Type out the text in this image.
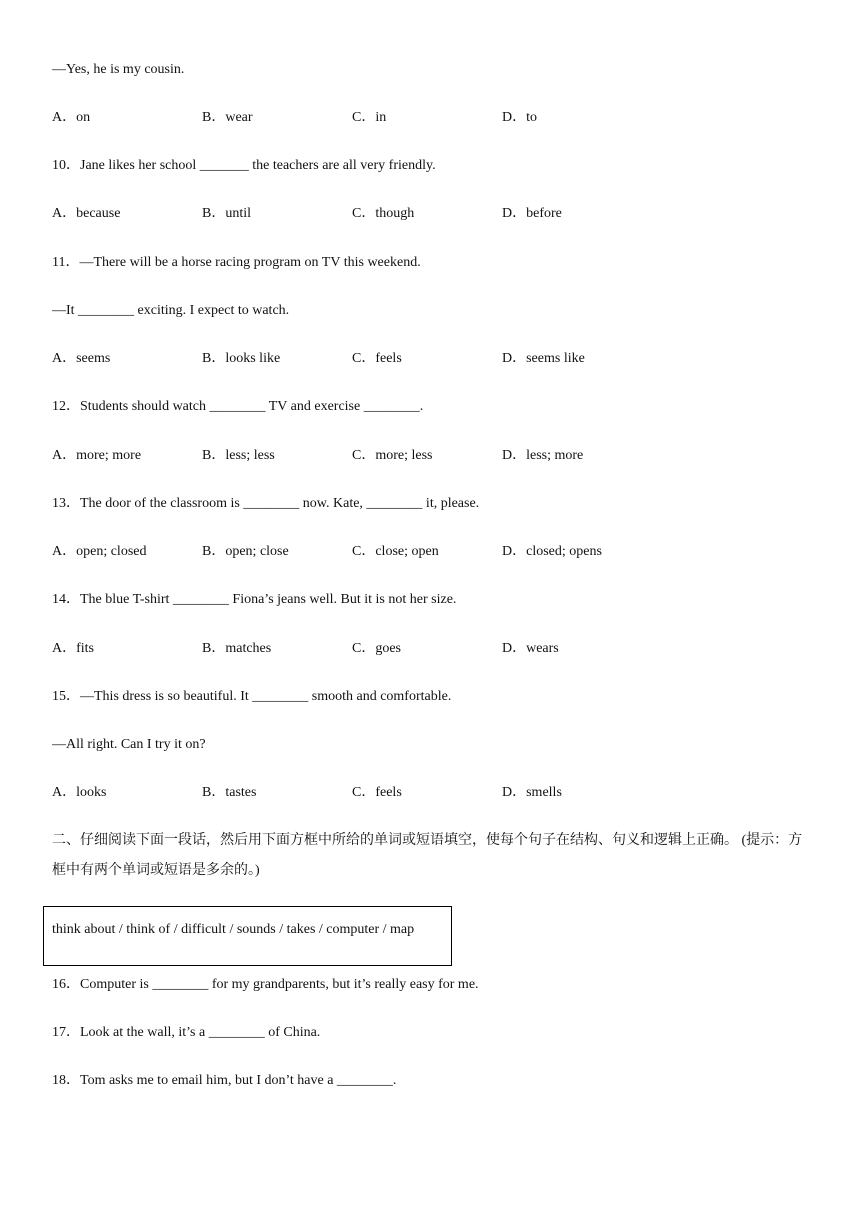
—Yes, he is my cousin.
A．on	B．wear	C．in	D．to
10．Jane likes her school _______ the teachers are all very friendly.
A．because	B．until	C．though	D．before
11．—There will be a horse racing program on TV this weekend.
—It ________ exciting. I expect to watch.
A．seems	B．looks like	C．feels	D．seems like
12．Students should watch ________ TV and exercise ________.
A．more; more	B．less; less	C．more; less	D．less; more
13．The door of the classroom is ________ now. Kate, ________ it, please.
A．open; closed	B．open; close	C．close; open	D．closed; opens
14．The blue T-shirt ________ Fiona’s jeans well. But it is not her size.
A．fits	B．matches	C．goes	D．wears
15．—This dress is so beautiful. It ________ smooth and comfortable.
—All right. Can I try it on?
A．looks	B．tastes	C．feels	D．smells
二、仔细阅读下面一段话，然后用下面方框中所给的单词或短语填空，使每个句子在结构、句义和逻辑上正确。 (提示：方框中有两个单词或短语是多余的。)
think about / think of / difficult / sounds / takes / computer / map
16．Computer is ________ for my grandparents, but it’s really easy for me.
17．Look at the wall, it’s a ________ of China.
18．Tom asks me to email him, but I don’t have a ________.
